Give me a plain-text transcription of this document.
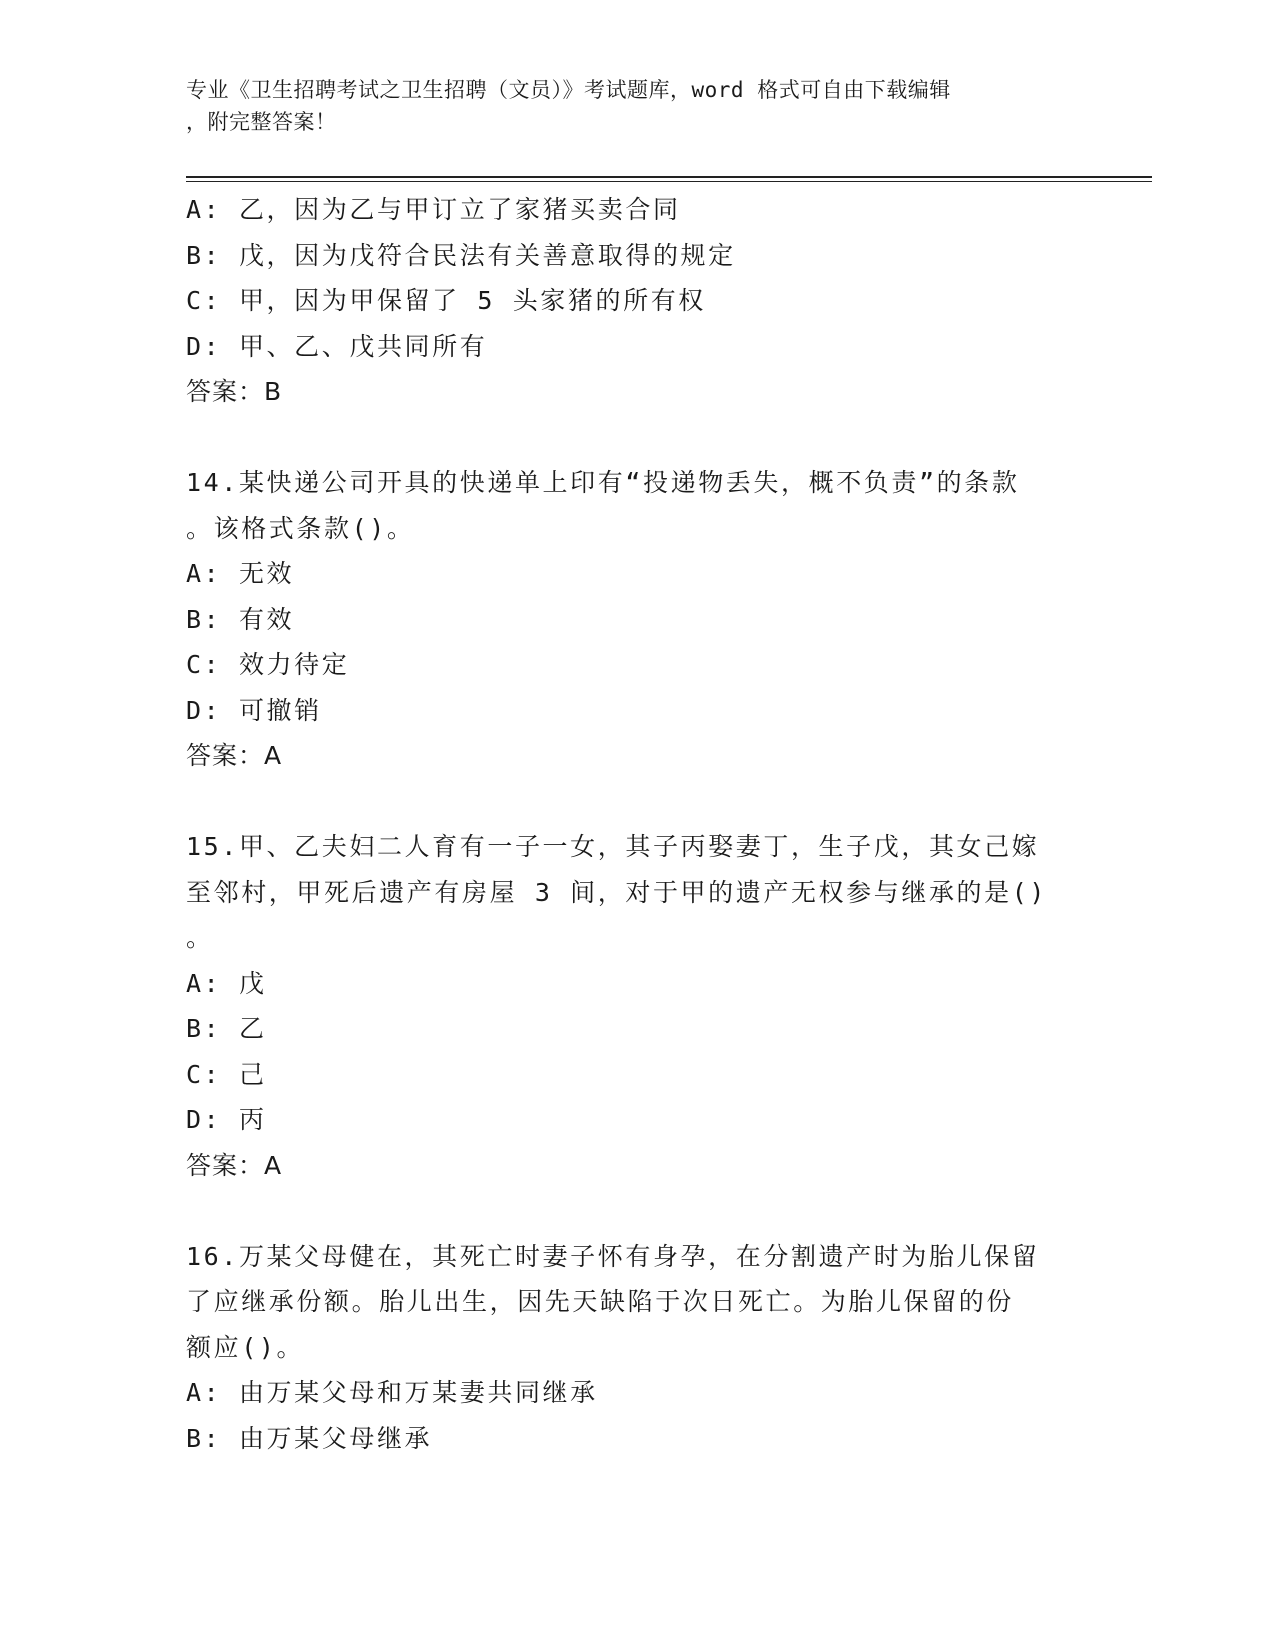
专业《卫生招聘考试之卫生招聘（文员）》考试题库，word 格式可自由下载编辑
，附完整答案！
A: 乙，因为乙与甲订立了家猪买卖合同
B: 戊，因为戊符合民法有关善意取得的规定
C: 甲，因为甲保留了 5 头家猪的所有权
D: 甲、乙、戊共同所有
答案：B
14.某快递公司开具的快递单上印有“投递物丢失，概不负责”的条款
。该格式条款()。
A: 无效
B: 有效
C: 效力待定
D: 可撤销
答案：A
15.甲、乙夫妇二人育有一子一女，其子丙娶妻丁，生子戊，其女己嫁
至邻村，甲死后遗产有房屋 3 间，对于甲的遗产无权参与继承的是()
。
A: 戊
B: 乙
C: 己
D: 丙
答案：A
16.万某父母健在，其死亡时妻子怀有身孕，在分割遗产时为胎儿保留
了应继承份额。胎儿出生，因先天缺陷于次日死亡。为胎儿保留的份
额应()。
A: 由万某父母和万某妻共同继承
B: 由万某父母继承
